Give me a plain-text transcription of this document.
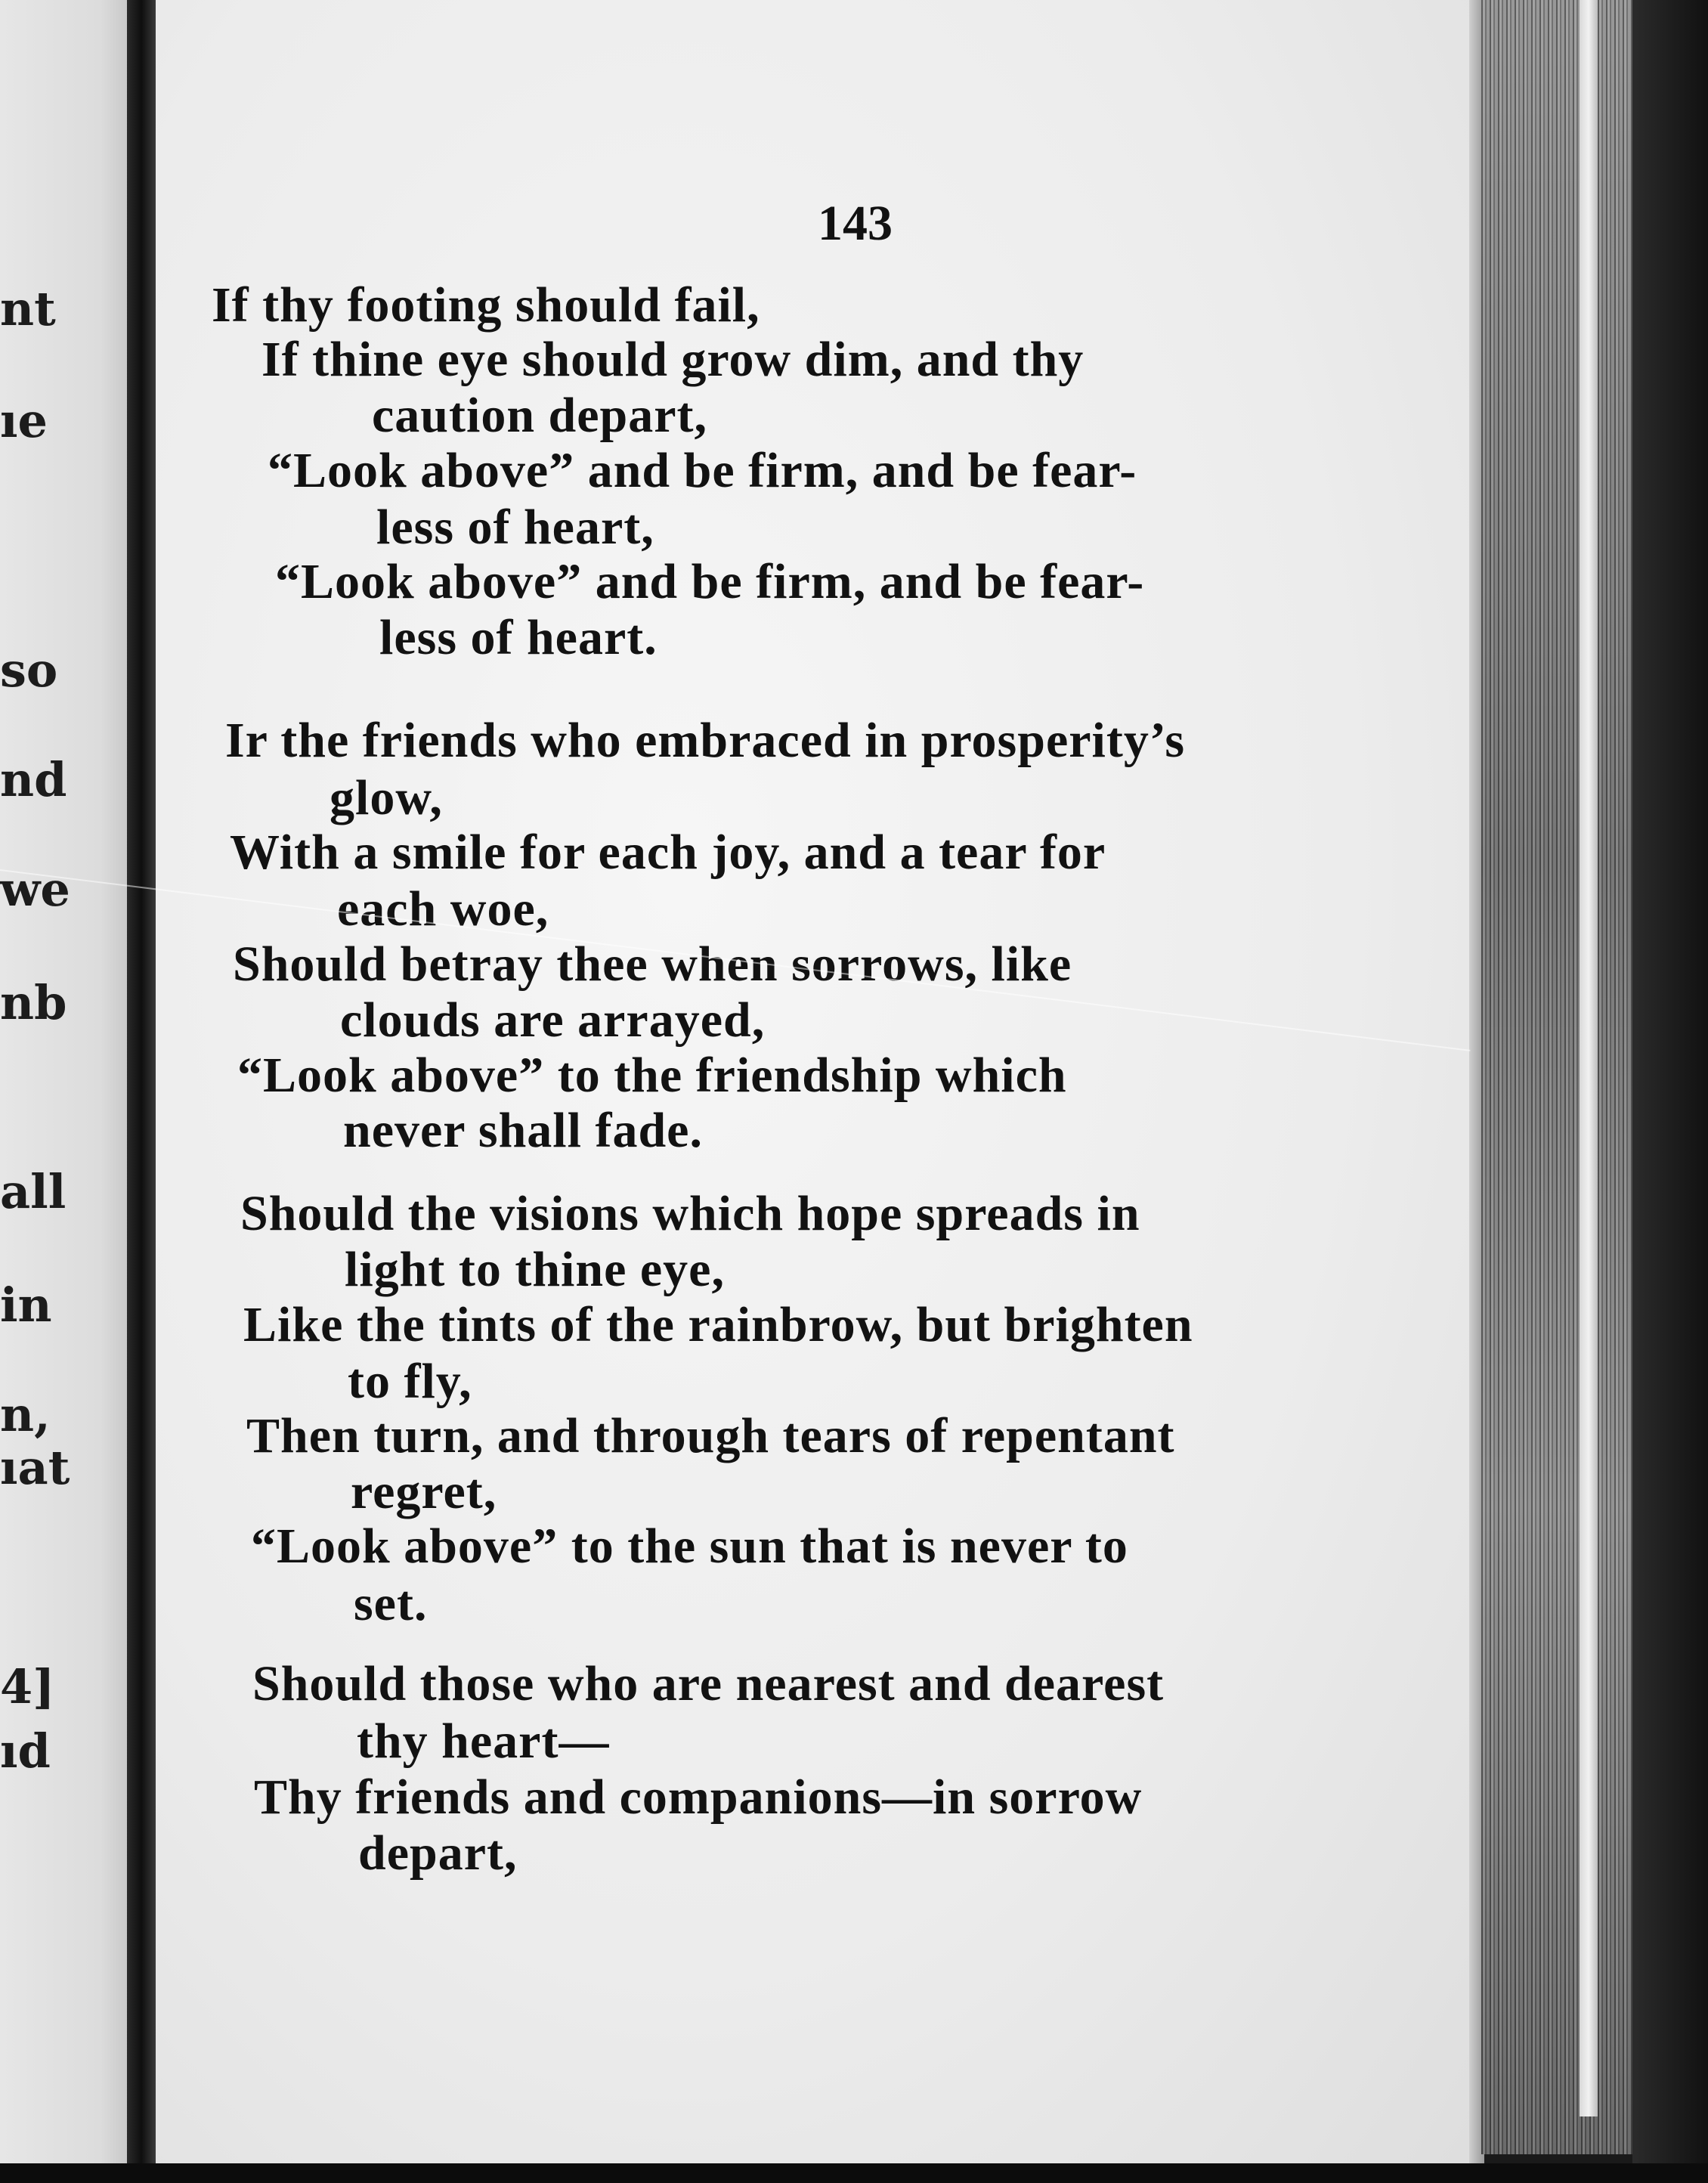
nt

ıe

so

nd

we

nb

all

in

n,

ıat

4]

ıd

143

If thy footing should fail,

If thine eye should grow dim, and thy

caution depart,

“Look above” and be firm, and be fear-

less of heart,

“Look above” and be firm, and be fear-

less of heart.

Ir the friends who embraced in prosperity’s

glow,

With a smile for each joy, and a tear for

each woe,

Should betray thee when sorrows, like

clouds are arrayed,

“Look above” to the friendship which

never shall fade.

Should the visions which hope spreads in

light to thine eye,

Like the tints of the rainbrow, but brighten

to fly,

Then turn, and through tears of repentant

regret,

“Look above” to the sun that is never to

set.

Should those who are nearest and dearest

thy heart—

Thy friends and companions—in sorrow

depart,
